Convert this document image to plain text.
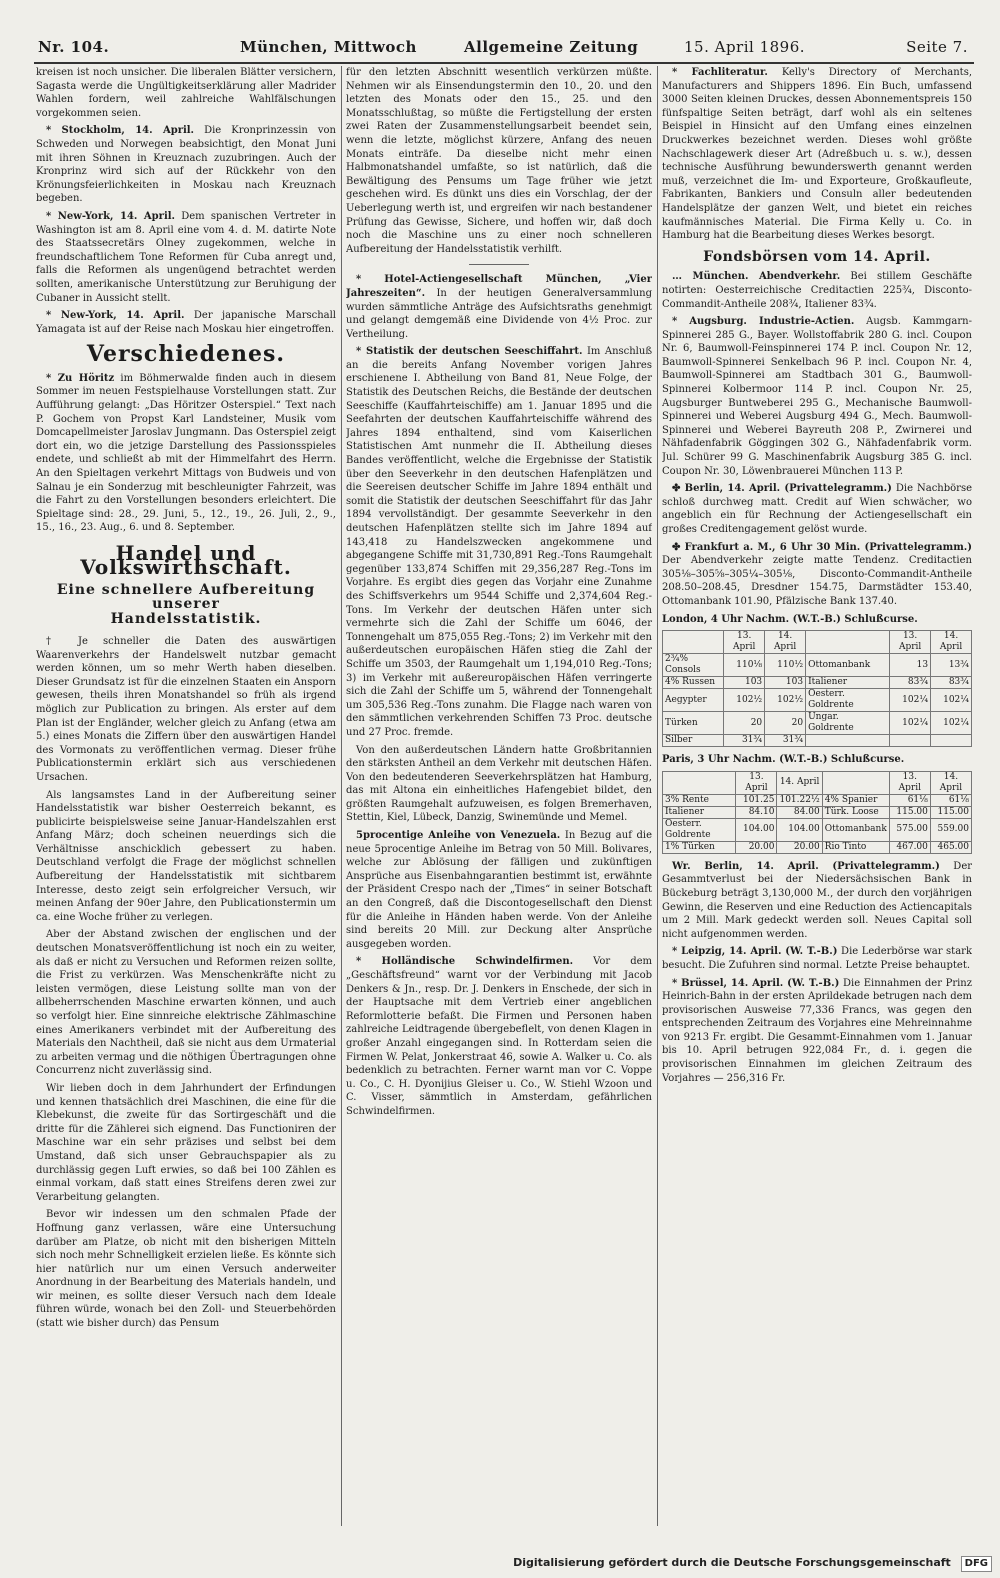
Nr. 104.	München, Mittwoch	Allgemeine Zeitung	15. April 1896.	Seite 7.

kreisen ist noch unsicher. Die liberalen Blätter versichern, Sagasta werde die Ungültigkeitserklärung aller Madrider Wahlen fordern, weil zahlreiche Wahlfälschungen vorgekommen seien.

* Stockholm, 14. April. Die Kronprinzessin von Schweden und Norwegen beabsichtigt, den Monat Juni mit ihren Söhnen in Kreuznach zuzubringen. Auch der Kronprinz wird sich auf der Rückkehr von den Krönungsfeierlichkeiten in Moskau nach Kreuznach begeben.

* New-York, 14. April. Dem spanischen Vertreter in Washington ist am 8. April eine vom 4. d. M. datirte Note des Staatssecretärs Olney zugekommen, welche in freundschaftlichem Tone Reformen für Cuba anregt und, falls die Reformen als ungenügend betrachtet werden sollten, amerikanische Unterstützung zur Beruhigung der Cubaner in Aussicht stellt.

* New-York, 14. April. Der japanische Marschall Yamagata ist auf der Reise nach Moskau hier eingetroffen.

Verschiedenes.

* Zu Höritz im Böhmerwalde finden auch in diesem Sommer im neuen Festspielhause Vorstellungen statt. Zur Aufführung gelangt: „Das Höritzer Osterspiel.“ Text nach P. Gochem von Propst Karl Landsteiner, Musik vom Domcapellmeister Jaroslav Jungmann. Das Osterspiel zeigt dort ein, wo die jetzige Darstellung des Passionsspieles endete, und schließt ab mit der Himmelfahrt des Herrn. An den Spieltagen verkehrt Mittags von Budweis und von Salnau je ein Sonderzug mit beschleunigter Fahrzeit, was die Fahrt zu den Vorstellungen besonders erleichtert. Die Spieltage sind: 28., 29. Juni, 5., 12., 19., 26. Juli, 2., 9., 15., 16., 23. Aug., 6. und 8. September.

Handel und Volkswirthschaft.
Eine schnellere Aufbereitung unserer
Handelsstatistik.

† Je schneller die Daten des auswärtigen Waarenverkehrs der Handelswelt nutzbar gemacht werden können, um so mehr Werth haben dieselben. Dieser Grundsatz ist für die einzelnen Staaten ein Ansporn gewesen, theils ihren Monatshandel so früh als irgend möglich zur Publication zu bringen. Als erster auf dem Plan ist der Engländer, welcher gleich zu Anfang (etwa am 5.) eines Monats die Ziffern über den auswärtigen Handel des Vormonats zu veröffentlichen vermag. Dieser frühe Publicationstermin erklärt sich aus verschiedenen Ursachen.

Als langsamstes Land in der Aufbereitung seiner Handelsstatistik war bisher Oesterreich bekannt, es publicirte beispielsweise seine Januar-Handelszahlen erst Anfang März; doch scheinen neuerdings sich die Verhältnisse anschicklich gebessert zu haben. Deutschland verfolgt die Frage der möglichst schnellen Aufbereitung der Handelsstatistik mit sichtbarem Interesse, desto zeigt sein erfolgreicher Versuch, wir meinen Anfang der 90er Jahre, den Publicationstermin um ca. eine Woche früher zu verlegen.

Aber der Abstand zwischen der englischen und der deutschen Monatsveröffentlichung ist noch ein zu weiter, als daß er nicht zu Versuchen und Reformen reizen sollte, die Frist zu verkürzen. Was Menschenkräfte nicht zu leisten vermögen, diese Leistung sollte man von der allbeherrschenden Maschine erwarten können, und auch so verfolgt hier. Eine sinnreiche elektrische Zählmaschine eines Amerikaners verbindet mit der Aufbereitung des Materials den Nachtheil, daß sie nicht aus dem Urmaterial zu arbeiten vermag und die nöthigen Übertragungen ohne Concurrenz nicht zuverlässig sind.

Wir lieben doch in dem Jahrhundert der Erfindungen und kennen thatsächlich drei Maschinen, die eine für die Klebekunst, die zweite für das Sortirgeschäft und die dritte für die Zählerei sich eignend. Das Functioniren der Maschine war ein sehr präzises und selbst bei dem Umstand, daß sich unser Gebrauchspapier als zu durchlässig gegen Luft erwies, so daß bei 100 Zählen es einmal vorkam, daß statt eines Streifens deren zwei zur Verarbeitung gelangten.

Bevor wir indessen um den schmalen Pfade der Hoffnung ganz verlassen, wäre eine Untersuchung darüber am Platze, ob nicht mit den bisherigen Mitteln sich noch mehr Schnelligkeit erzielen ließe. Es könnte sich hier natürlich nur um einen Versuch anderweiter Anordnung in der Bearbeitung des Materials handeln, und wir meinen, es sollte dieser Versuch nach dem Ideale führen würde, wonach bei den Zoll- und Steuerbehörden (statt wie bisher durch) das Pensum

für den letzten Abschnitt wesentlich verkürzen müßte. Nehmen wir als Einsendungstermin den 10., 20. und den letzten des Monats oder den 15., 25. und den Monatsschlußtag, so müßte die Fertigstellung der ersten zwei Raten der Zusammenstellungsarbeit beendet sein, wenn die letzte, möglichst kürzere, Anfang des neuen Monats einträfe. Da dieselbe nicht mehr einen Halbmonatshandel umfaßte, so ist natürlich, daß die Bewältigung des Pensums um Tage früher wie jetzt geschehen wird. Es dünkt uns dies ein Vorschlag, der der Ueberlegung werth ist, und ergreifen wir nach bestandener Prüfung das Gewisse, Sichere, und hoffen wir, daß doch noch die Maschine uns zu einer noch schnelleren Aufbereitung der Handelsstatistik verhilft.

* Hotel-Actiengesellschaft München, „Vier Jahreszeiten“. In der heutigen Generalversammlung wurden sämmtliche Anträge des Aufsichtsraths genehmigt und gelangt demgemäß eine Dividende von 4½ Proc. zur Vertheilung.

* Statistik der deutschen Seeschiffahrt. Im Anschluß an die bereits Anfang November vorigen Jahres erschienene I. Abtheilung von Band 81, Neue Folge, der Statistik des Deutschen Reichs, die Bestände der deutschen Seeschiffe (Kauffahrteischiffe) am 1. Januar 1895 und die Seefahrten der deutschen Kauffahrteischiffe während des Jahres 1894 enthaltend, sind vom Kaiserlichen Statistischen Amt nunmehr die II. Abtheilung dieses Bandes veröffentlicht, welche die Ergebnisse der Statistik über den Seeverkehr in den deutschen Hafenplätzen und die Seereisen deutscher Schiffe im Jahre 1894 enthält und somit die Statistik der deutschen Seeschiffahrt für das Jahr 1894 vervollständigt. Der gesammte Seeverkehr in den deutschen Hafenplätzen stellte sich im Jahre 1894 auf 143,418 zu Handelszwecken angekommene und abgegangene Schiffe mit 31,730,891 Reg.-Tons Raumgehalt gegenüber 133,874 Schiffen mit 29,356,287 Reg.-Tons im Vorjahre. Es ergibt dies gegen das Vorjahr eine Zunahme des Schiffsverkehrs um 9544 Schiffe und 2,374,604 Reg.-Tons. Im Verkehr der deutschen Häfen unter sich vermehrte sich die Zahl der Schiffe um 6046, der Tonnengehalt um 875,055 Reg.-Tons; 2) im Verkehr mit den außerdeutschen europäischen Häfen stieg die Zahl der Schiffe um 3503, der Raumgehalt um 1,194,010 Reg.-Tons; 3) im Verkehr mit außereuropäischen Häfen verringerte sich die Zahl der Schiffe um 5, während der Tonnengehalt um 305,536 Reg.-Tons zunahm. Die Flagge nach waren von den sämmtlichen verkehrenden Schiffen 73 Proc. deutsche und 27 Proc. fremde.

Von den außerdeutschen Ländern hatte Großbritannien den stärksten Antheil an dem Verkehr mit deutschen Häfen. Von den bedeutenderen Seeverkehrsplätzen hat Hamburg, das mit Altona ein einheitliches Hafengebiet bildet, den größten Raumgehalt aufzuweisen, es folgen Bremerhaven, Stettin, Kiel, Lübeck, Danzig, Swinemünde und Memel.

5procentige Anleihe von Venezuela. In Bezug auf die neue 5procentige Anleihe im Betrag von 50 Mill. Bolivares, welche zur Ablösung der fälligen und zukünftigen Ansprüche aus Eisenbahngarantien bestimmt ist, erwähnte der Präsident Crespo nach der „Times“ in seiner Botschaft an den Congreß, daß die Discontogesellschaft den Dienst für die Anleihe in Händen haben werde. Von der Anleihe sind bereits 20 Mill. zur Deckung alter Ansprüche ausgegeben worden.

* Holländische Schwindelfirmen. Vor dem „Geschäftsfreund“ warnt vor der Verbindung mit Jacob Denkers & Jn., resp. Dr. J. Denkers in Enschede, der sich in der Hauptsache mit dem Vertrieb einer angeblichen Reformlotterie befaßt. Die Firmen und Personen haben zahlreiche Leidtragende übergebeflelt, von denen Klagen in großer Anzahl eingegangen sind. In Rotterdam seien die Firmen W. Pelat, Jonkerstraat 46, sowie A. Walker u. Co. als bedenklich zu betrachten. Ferner warnt man vor C. Voppe u. Co., C. H. Dyonijius Gleiser u. Co., W. Stiehl Wzoon und C. Visser, sämmtlich in Amsterdam, gefährlichen Schwindelfirmen.

* Fachliteratur. Kelly's Directory of Merchants, Manufacturers and Shippers 1896. Ein Buch, umfassend 3000 Seiten kleinen Druckes, dessen Abonnementspreis 150 fünfspaltige Seiten beträgt, darf wohl als ein seltenes Beispiel in Hinsicht auf den Umfang eines einzelnen Druckwerkes bezeichnet werden. Dieses wohl größte Nachschlagewerk dieser Art (Adreßbuch u. s. w.), dessen technische Ausführung bewunderswerth genannt werden muß, verzeichnet die Im- und Exporteure, Großkaufleute, Fabrikanten, Bankiers und Consuln aller bedeutenden Handelsplätze der ganzen Welt, und bietet ein reiches kaufmännisches Material. Die Firma Kelly u. Co. in Hamburg hat die Bearbeitung dieses Werkes besorgt.

Fondsbörsen vom 14. April.

… München. Abendverkehr. Bei stillem Geschäfte notirten: Oesterreichische Creditactien 225¾, Disconto-Commandit-Antheile 208¾, Italiener 83¾.

* Augsburg. Industrie-Actien. Augsb. Kammgarn-Spinnerei 285 G., Bayer. Wollstoffabrik 280 G. incl. Coupon Nr. 6, Baumwoll-Feinspinnerei 174 P. incl. Coupon Nr. 12, Baumwoll-Spinnerei Senkelbach 96 P. incl. Coupon Nr. 4, Baumwoll-Spinnerei am Stadtbach 301 G., Baumwoll-Spinnerei Kolbermoor 114 P. incl. Coupon Nr. 25, Augsburger Buntweberei 295 G., Mechanische Baumwoll-Spinnerei und Weberei Augsburg 494 G., Mech. Baumwoll-Spinnerei und Weberei Bayreuth 208 P., Zwirnerei und Nähfadenfabrik Göggingen 302 G., Nähfadenfabrik vorm. Jul. Schürer 99 G. Maschinenfabrik Augsburg 385 G. incl. Coupon Nr. 30, Löwenbrauerei München 113 P.

✤ Berlin, 14. April. (Privattelegramm.) Die Nachbörse schloß durchweg matt. Credit auf Wien schwächer, wo angeblich ein für Rechnung der Actiengesellschaft ein großes Creditengagement gelöst wurde.

✤ Frankfurt a. M., 6 Uhr 30 Min. (Privattelegramm.) Der Abendverkehr zeigte matte Tendenz. Creditactien 305⅛–305⅝–305¼–305⅛, Disconto-Commandit-Antheile 208.50–208.45, Dresdner 154.75, Darmstädter 153.40, Ottomanbank 101.90, Pfälzische Bank 137.40.

London, 4 Uhr Nachm. (W.T.-B.) Schlußcurse.

	13. April	14. April		13. April	14. April
2¾% Consols	110⅛	110½	Ottomanbank	13	13¾
4% Russen	103	103	Italiener	83¾	83¾
Aegypter	102½	102½	Oesterr. Goldrente	102¼	102¼
Türken	20	20	Ungar. Goldrente	102¼	102¼
Silber	31¾	31¾			

Paris, 3 Uhr Nachm. (W.T.-B.) Schlußcurse.

	13. April	14. April		13. April	14. April
3% Rente	101.25	101.22½	4% Spanier	61⅛	61⅛
Italiener	84.10	84.00	Türk. Loose	115.00	115.00
Oesterr. Goldrente	104.00	104.00	Ottomanbank	575.00	559.00
1% Türken	20.00	20.00	Rio Tinto	467.00	465.00

Wr. Berlin, 14. April. (Privattelegramm.) Der Gesammtverlust bei der Niedersächsischen Bank in Bückeburg beträgt 3,130,000 M., der durch den vorjährigen Gewinn, die Reserven und eine Reduction des Actiencapitals um 2 Mill. Mark gedeckt werden soll. Neues Capital soll nicht aufgenommen werden.

* Leipzig, 14. April. (W. T.-B.) Die Lederbörse war stark besucht. Die Zufuhren sind normal. Letzte Preise behauptet.

* Brüssel, 14. April. (W. T.-B.) Die Einnahmen der Prinz Heinrich-Bahn in der ersten Aprildekade betrugen nach dem provisorischen Ausweise 77,336 Francs, was gegen den entsprechenden Zeitraum des Vorjahres eine Mehreinnahme von 9213 Fr. ergibt. Die Gesammt-Einnahmen vom 1. Januar bis 10. April betrugen 922,084 Fr., d. i. gegen die provisorischen Einnahmen im gleichen Zeitraum des Vorjahres — 256,316 Fr.

Digitalisierung gefördert durch die Deutsche Forschungsgemeinschaft DFG
